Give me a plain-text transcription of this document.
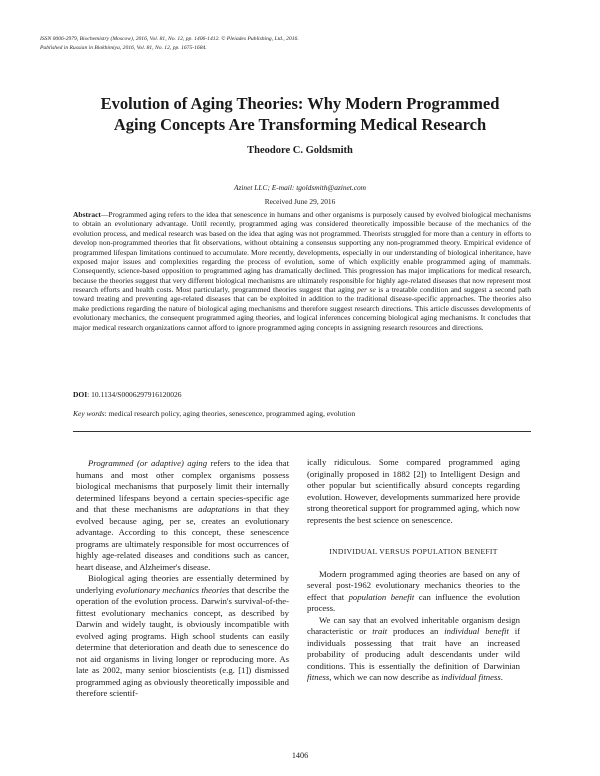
ISSN 0006-2979, Biochemistry (Moscow), 2016, Vol. 81, No. 12, pp. 1406-1412. © Pleiades Publishing, Ltd., 2016.
Published in Russian in Biokhimiya, 2016, Vol. 81, No. 12, pp. 1675-1684.
Evolution of Aging Theories: Why Modern Programmed
Aging Concepts Are Transforming Medical Research
Theodore C. Goldsmith
Azinet LLC; E-mail: tgoldsmith@azinet.com
Received June 29, 2016
Abstract—Programmed aging refers to the idea that senescence in humans and other organisms is purposely caused by evolved biological mechanisms to obtain an evolutionary advantage. Until recently, programmed aging was considered theoretically impossible because of the mechanics of the evolution process, and medical research was based on the idea that aging was not programmed. Theorists struggled for more than a century in efforts to develop non-programmed theories that fit observations, without obtaining a consensus supporting any non-programmed theory. Empirical evidence of programmed lifespan limitations continued to accumulate. More recently, developments, especially in our understanding of biological inheritance, have exposed major issues and complexities regarding the process of evolution, some of which explicitly enable programmed aging of mammals. Consequently, science-based opposition to programmed aging has dramatically declined. This progression has major implications for medical research, because the theories suggest that very different biological mechanisms are ultimately responsible for highly age-related diseases that now represent most research efforts and health costs. Most particularly, programmed theories suggest that aging per se is a treatable condition and suggest a second path toward treating and preventing age-related diseases that can be exploited in addition to the traditional disease-specific approaches. The theories also make predictions regarding the nature of biological aging mechanisms and therefore suggest research directions. This article discusses developments of evolutionary mechanics, the consequent programmed aging theories, and logical inferences concerning biological aging mechanisms. It concludes that major medical research organizations cannot afford to ignore programmed aging concepts in assigning research resources and directions.
DOI: 10.1134/S0006297916120026
Key words: medical research policy, aging theories, senescence, programmed aging, evolution

Programmed (or adaptive) aging refers to the idea that humans and most other complex organisms possess biological mechanisms that purposely limit their internally determined lifespans beyond a certain species-specific age and that these mechanisms are adaptations in that they evolved because aging, per se, creates an evolutionary advantage. According to this concept, these senescence programs are ultimately responsible for most occurrences of highly age-related diseases and conditions such as cancer, heart disease, and Alzheimer's disease.

Biological aging theories are essentially determined by underlying evolutionary mechanics theories that describe the operation of the evolution process. Darwin's survival-of-the-fittest evolutionary mechanics concept, as described by Darwin and widely taught, is obviously incompatible with evolved aging programs. High school students can easily determine that deterioration and death due to senescence do not aid organisms in living longer or reproducing more. As late as 2002, many senior bioscientists (e.g. [1]) dismissed programmed aging as obviously theoretically impossible and therefore scientif-

ically ridiculous. Some compared programmed aging (originally proposed in 1882 [2]) to Intelligent Design and other popular but scientifically absurd concepts regarding evolution. However, developments summarized here provide strong theoretical support for programmed aging, which now represents the best science on senescence.

INDIVIDUAL VERSUS POPULATION BENEFIT

Modern programmed aging theories are based on any of several post-1962 evolutionary mechanics theories to the effect that population benefit can influence the evolution process.

We can say that an evolved inheritable organism design characteristic or trait produces an individual benefit if individuals possessing that trait have an increased probability of producing adult descendants under wild conditions. This is essentially the definition of Darwinian fitness, which we can now describe as individual fitness.

1406
